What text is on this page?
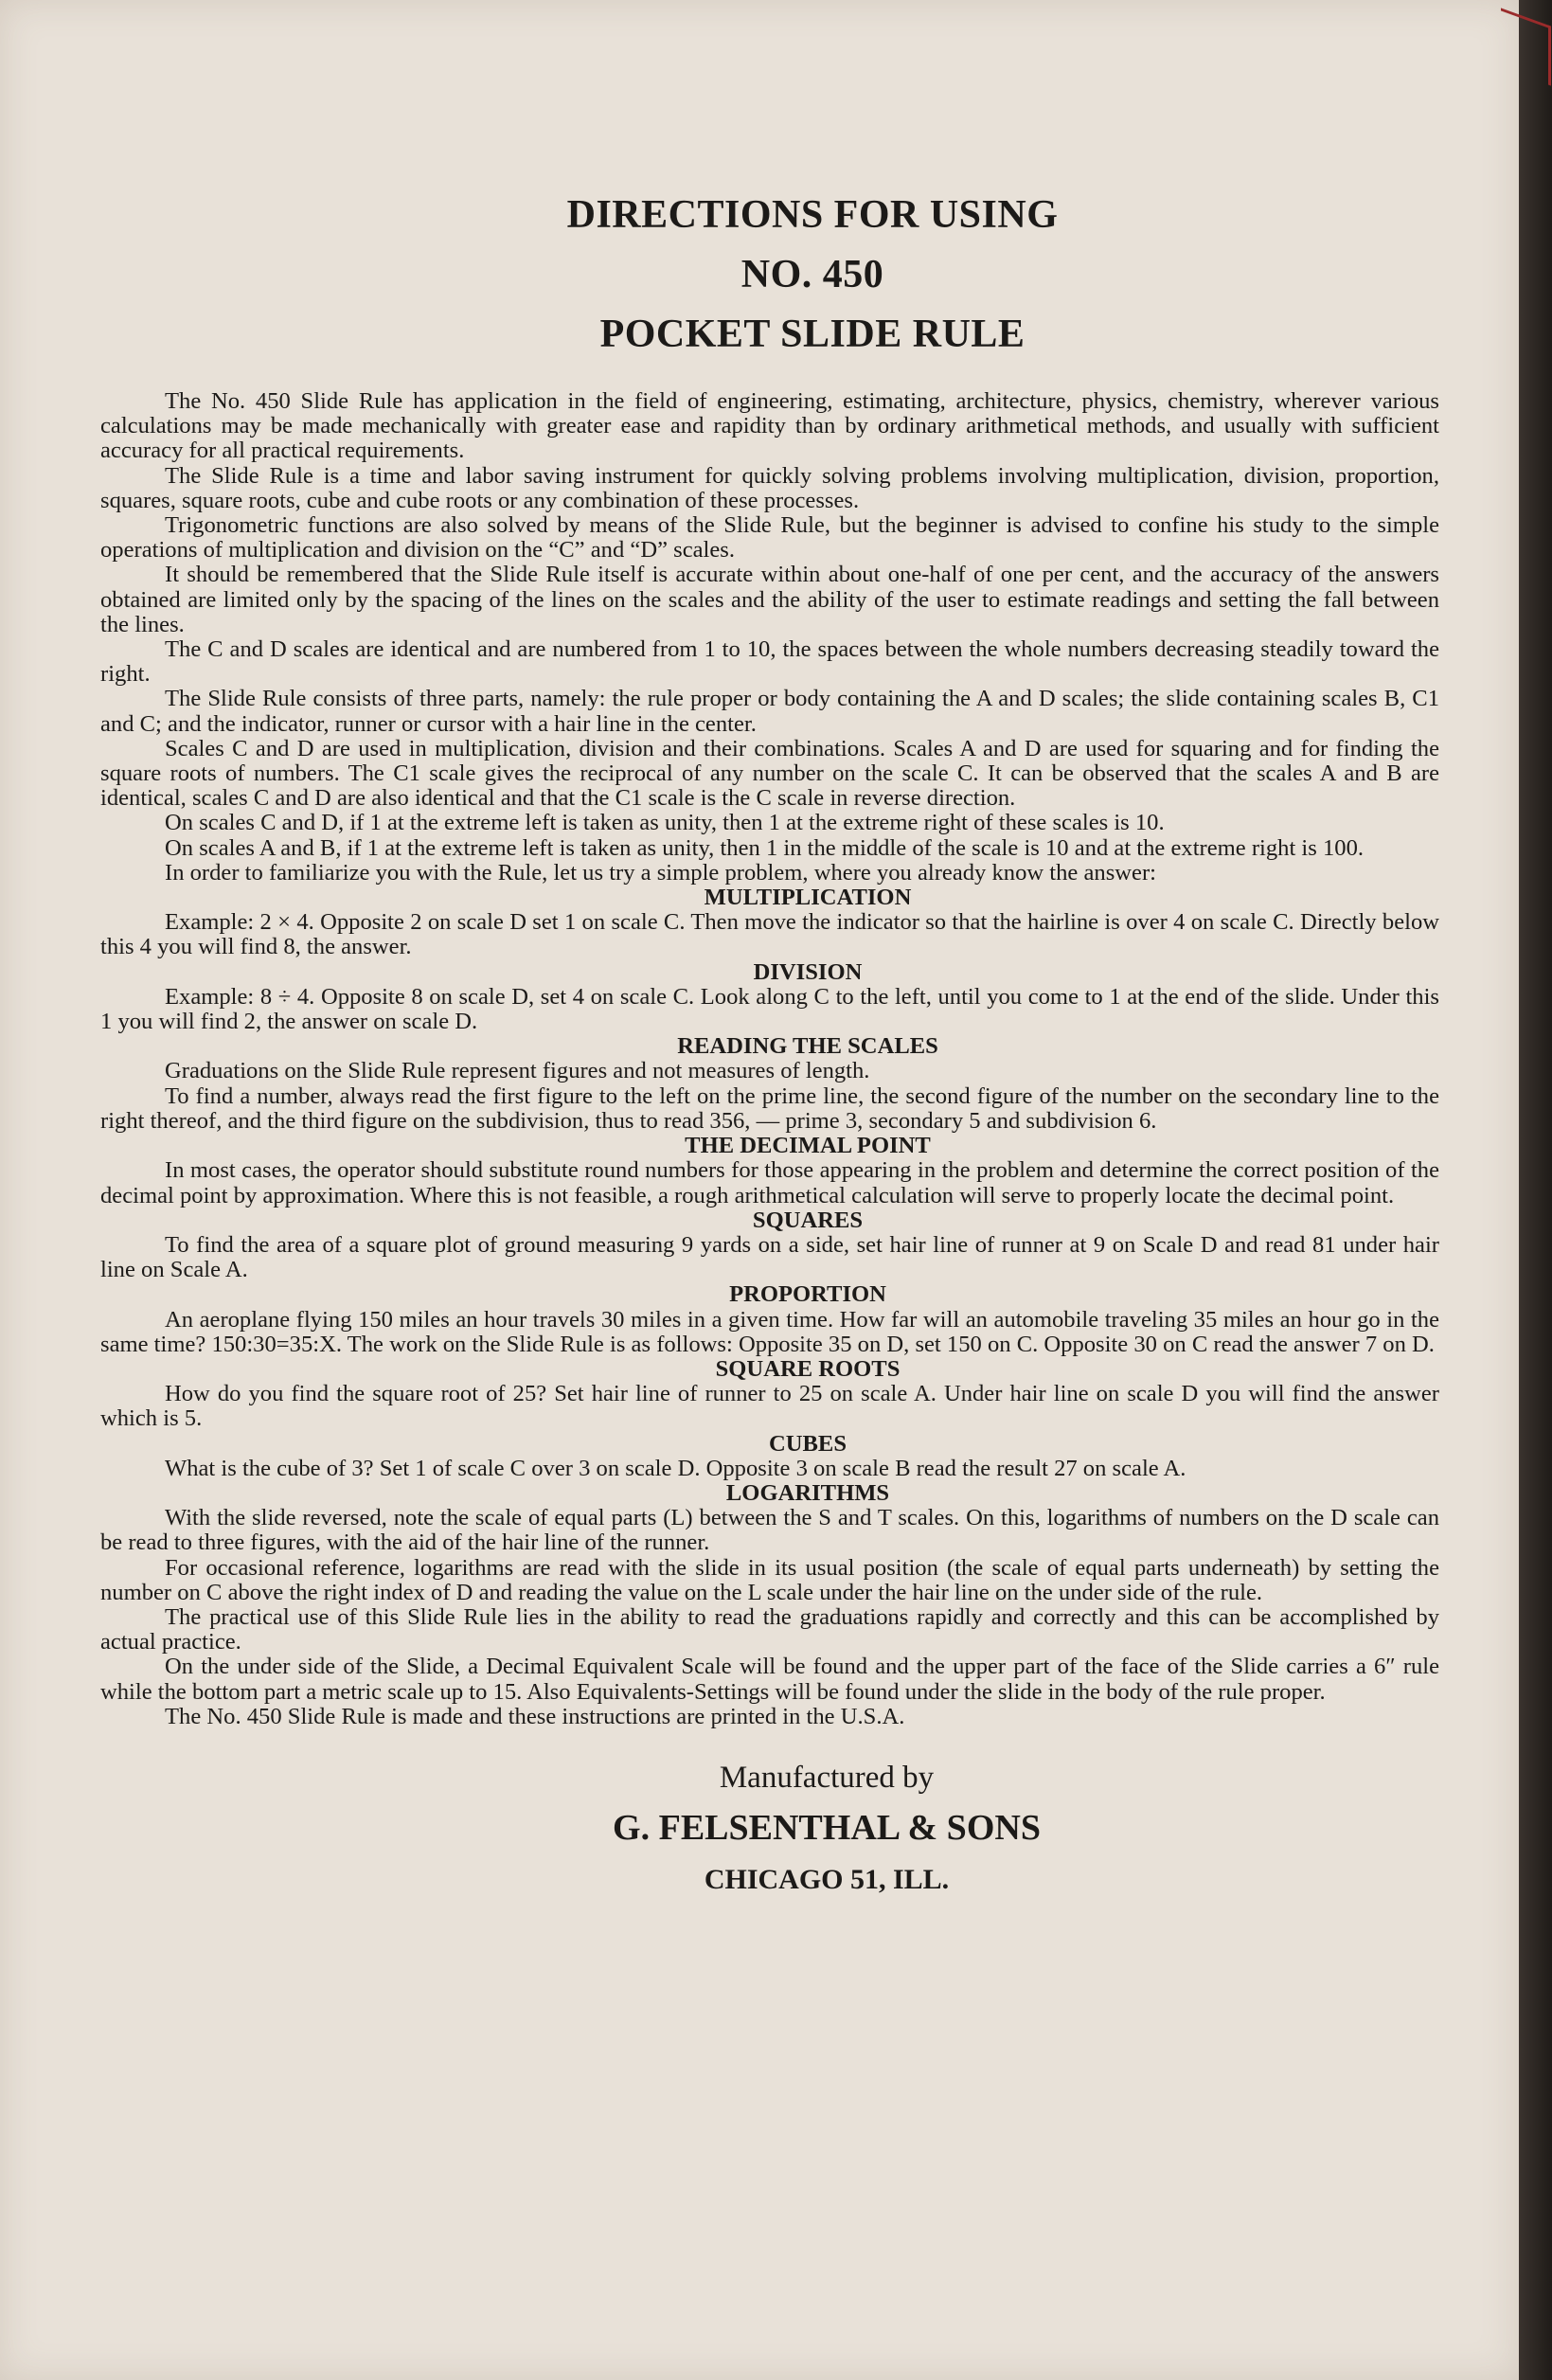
DIRECTIONS FOR USING
NO. 450
POCKET SLIDE RULE

The No. 450 Slide Rule has application in the field of engineering, estimating, architecture, physics, chemistry, wherever various calculations may be made mechanically with greater ease and rapidity than by ordinary arithmetical methods, and usually with sufficient accuracy for all practical requirements.

The Slide Rule is a time and labor saving instrument for quickly solving problems involving multiplication, division, proportion, squares, square roots, cube and cube roots or any combination of these processes.

Trigonometric functions are also solved by means of the Slide Rule, but the beginner is advised to confine his study to the simple operations of multiplication and division on the “C” and “D” scales.

It should be remembered that the Slide Rule itself is accurate within about one-half of one per cent, and the accuracy of the answers obtained are limited only by the spacing of the lines on the scales and the ability of the user to estimate readings and setting the fall between the lines.

The C and D scales are identical and are numbered from 1 to 10, the spaces between the whole numbers decreasing steadily toward the right.

The Slide Rule consists of three parts, namely: the rule proper or body containing the A and D scales; the slide containing scales B, C1 and C; and the indicator, runner or cursor with a hair line in the center.

Scales C and D are used in multiplication, division and their combinations. Scales A and D are used for squaring and for finding the square roots of numbers. The C1 scale gives the reciprocal of any number on the scale C. It can be observed that the scales A and B are identical, scales C and D are also identical and that the C1 scale is the C scale in reverse direction.

On scales C and D, if 1 at the extreme left is taken as unity, then 1 at the extreme right of these scales is 10.

On scales A and B, if 1 at the extreme left is taken as unity, then 1 in the middle of the scale is 10 and at the extreme right is 100.

In order to familiarize you with the Rule, let us try a simple problem, where you already know the answer:

MULTIPLICATION

Example: 2 × 4. Opposite 2 on scale D set 1 on scale C. Then move the indicator so that the hairline is over 4 on scale C. Directly below this 4 you will find 8, the answer.

DIVISION

Example: 8 ÷ 4. Opposite 8 on scale D, set 4 on scale C. Look along C to the left, until you come to 1 at the end of the slide. Under this 1 you will find 2, the answer on scale D.

READING THE SCALES

Graduations on the Slide Rule represent figures and not measures of length.

To find a number, always read the first figure to the left on the prime line, the second figure of the number on the secondary line to the right thereof, and the third figure on the subdivision, thus to read 356, — prime 3, secondary 5 and subdivision 6.

THE DECIMAL POINT

In most cases, the operator should substitute round numbers for those appearing in the problem and determine the correct position of the decimal point by approximation. Where this is not feasible, a rough arithmetical calculation will serve to properly locate the decimal point.

SQUARES

To find the area of a square plot of ground measuring 9 yards on a side, set hair line of runner at 9 on Scale D and read 81 under hair line on Scale A.

PROPORTION

An aeroplane flying 150 miles an hour travels 30 miles in a given time. How far will an automobile traveling 35 miles an hour go in the same time? 150:30=35:X. The work on the Slide Rule is as follows: Opposite 35 on D, set 150 on C. Opposite 30 on C read the answer 7 on D.

SQUARE ROOTS

How do you find the square root of 25? Set hair line of runner to 25 on scale A. Under hair line on scale D you will find the answer which is 5.

CUBES

What is the cube of 3? Set 1 of scale C over 3 on scale D. Opposite 3 on scale B read the result 27 on scale A.

LOGARITHMS

With the slide reversed, note the scale of equal parts (L) between the S and T scales. On this, logarithms of numbers on the D scale can be read to three figures, with the aid of the hair line of the runner.

For occasional reference, logarithms are read with the slide in its usual position (the scale of equal parts underneath) by setting the number on C above the right index of D and reading the value on the L scale under the hair line on the under side of the rule.

The practical use of this Slide Rule lies in the ability to read the graduations rapidly and correctly and this can be accomplished by actual practice.

On the under side of the Slide, a Decimal Equivalent Scale will be found and the upper part of the face of the Slide carries a 6″ rule while the bottom part a metric scale up to 15. Also Equivalents-Settings will be found under the slide in the body of the rule proper.

The No. 450 Slide Rule is made and these instructions are printed in the U.S.A.

Manufactured by
G. FELSENTHAL & SONS
CHICAGO 51, ILL.
